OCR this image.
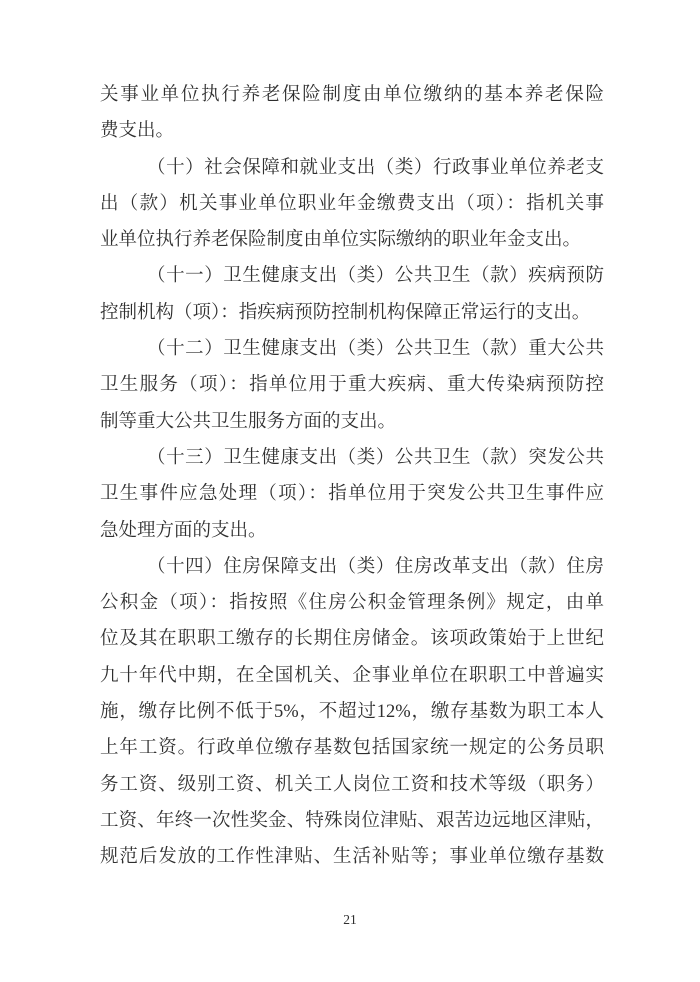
关事业单位执行养老保险制度由单位缴纳的基本养老保险
费支出。
（十）社会保障和就业支出（类）行政事业单位养老支
出（款）机关事业单位职业年金缴费支出（项）：指机关事
业单位执行养老保险制度由单位实际缴纳的职业年金支出。
（十一）卫生健康支出（类）公共卫生（款）疾病预防
控制机构（项）：指疾病预防控制机构保障正常运行的支出。
（十二）卫生健康支出（类）公共卫生（款）重大公共
卫生服务（项）：指单位用于重大疾病、重大传染病预防控
制等重大公共卫生服务方面的支出。
（十三）卫生健康支出（类）公共卫生（款）突发公共
卫生事件应急处理（项）：指单位用于突发公共卫生事件应
急处理方面的支出。
（十四）住房保障支出（类）住房改革支出（款）住房
公积金（项）：指按照《住房公积金管理条例》规定，由单
位及其在职职工缴存的长期住房储金。该项政策始于上世纪
九十年代中期，在全国机关、企事业单位在职职工中普遍实
施，缴存比例不低于5%，不超过12%，缴存基数为职工本人
上年工资。行政单位缴存基数包括国家统一规定的公务员职
务工资、级别工资、机关工人岗位工资和技术等级（职务）
工资、年终一次性奖金、特殊岗位津贴、艰苦边远地区津贴，
规范后发放的工作性津贴、生活补贴等；事业单位缴存基数
21
